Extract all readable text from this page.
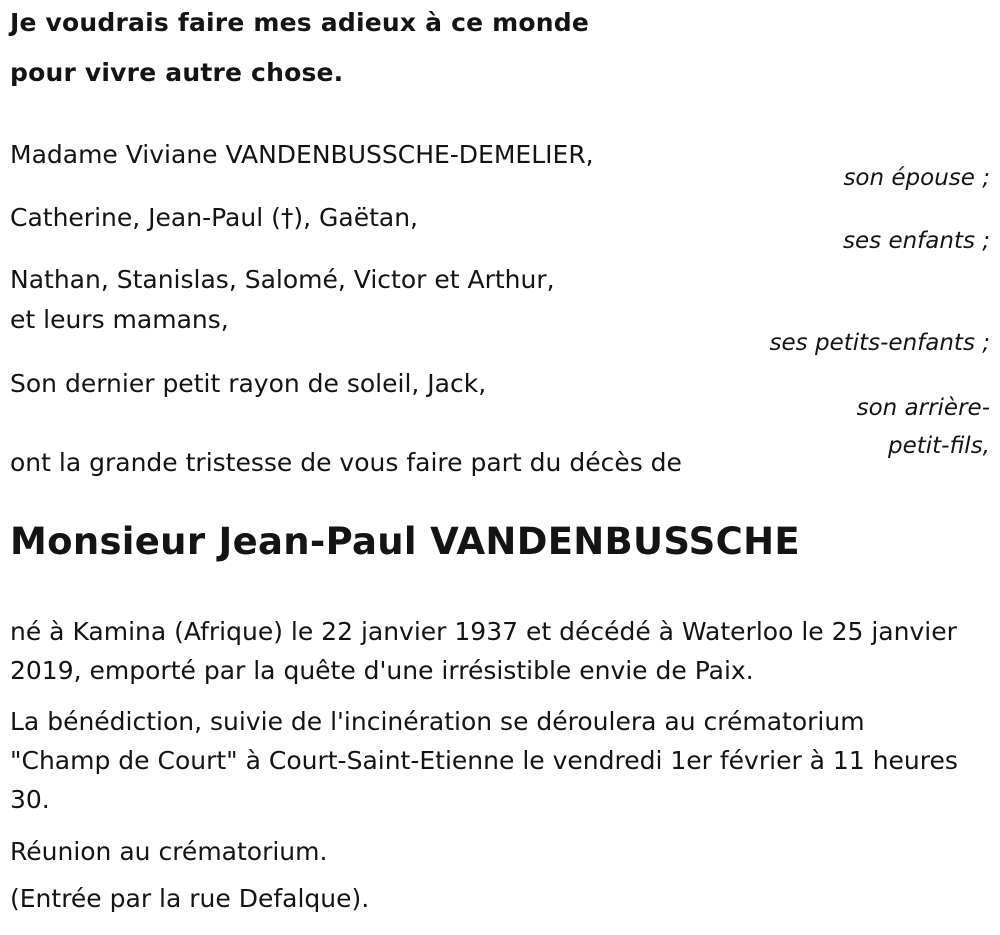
Je voudrais faire mes adieux à ce monde
pour vivre autre chose.
Madame Viviane VANDENBUSSCHE-DEMELIER,
son épouse ;
Catherine, Jean-Paul (†), Gaëtan,
ses enfants ;
Nathan, Stanislas, Salomé, Victor et Arthur,
et leurs mamans,
ses petits-enfants ;
Son dernier petit rayon de soleil, Jack,
son arrière-
petit-fils,
ont la grande tristesse de vous faire part du décès de
Monsieur Jean-Paul VANDENBUSSCHE
né à Kamina (Afrique) le 22 janvier 1937 et décédé à Waterloo le 25 janvier 2019, emporté par la quête d'une irrésistible envie de Paix.
La bénédiction, suivie de l'incinération se déroulera au crématorium "Champ de Court" à Court-Saint-Etienne le vendredi 1er février à 11 heures 30.
Réunion au crématorium.
(Entrée par la rue Defalque).
